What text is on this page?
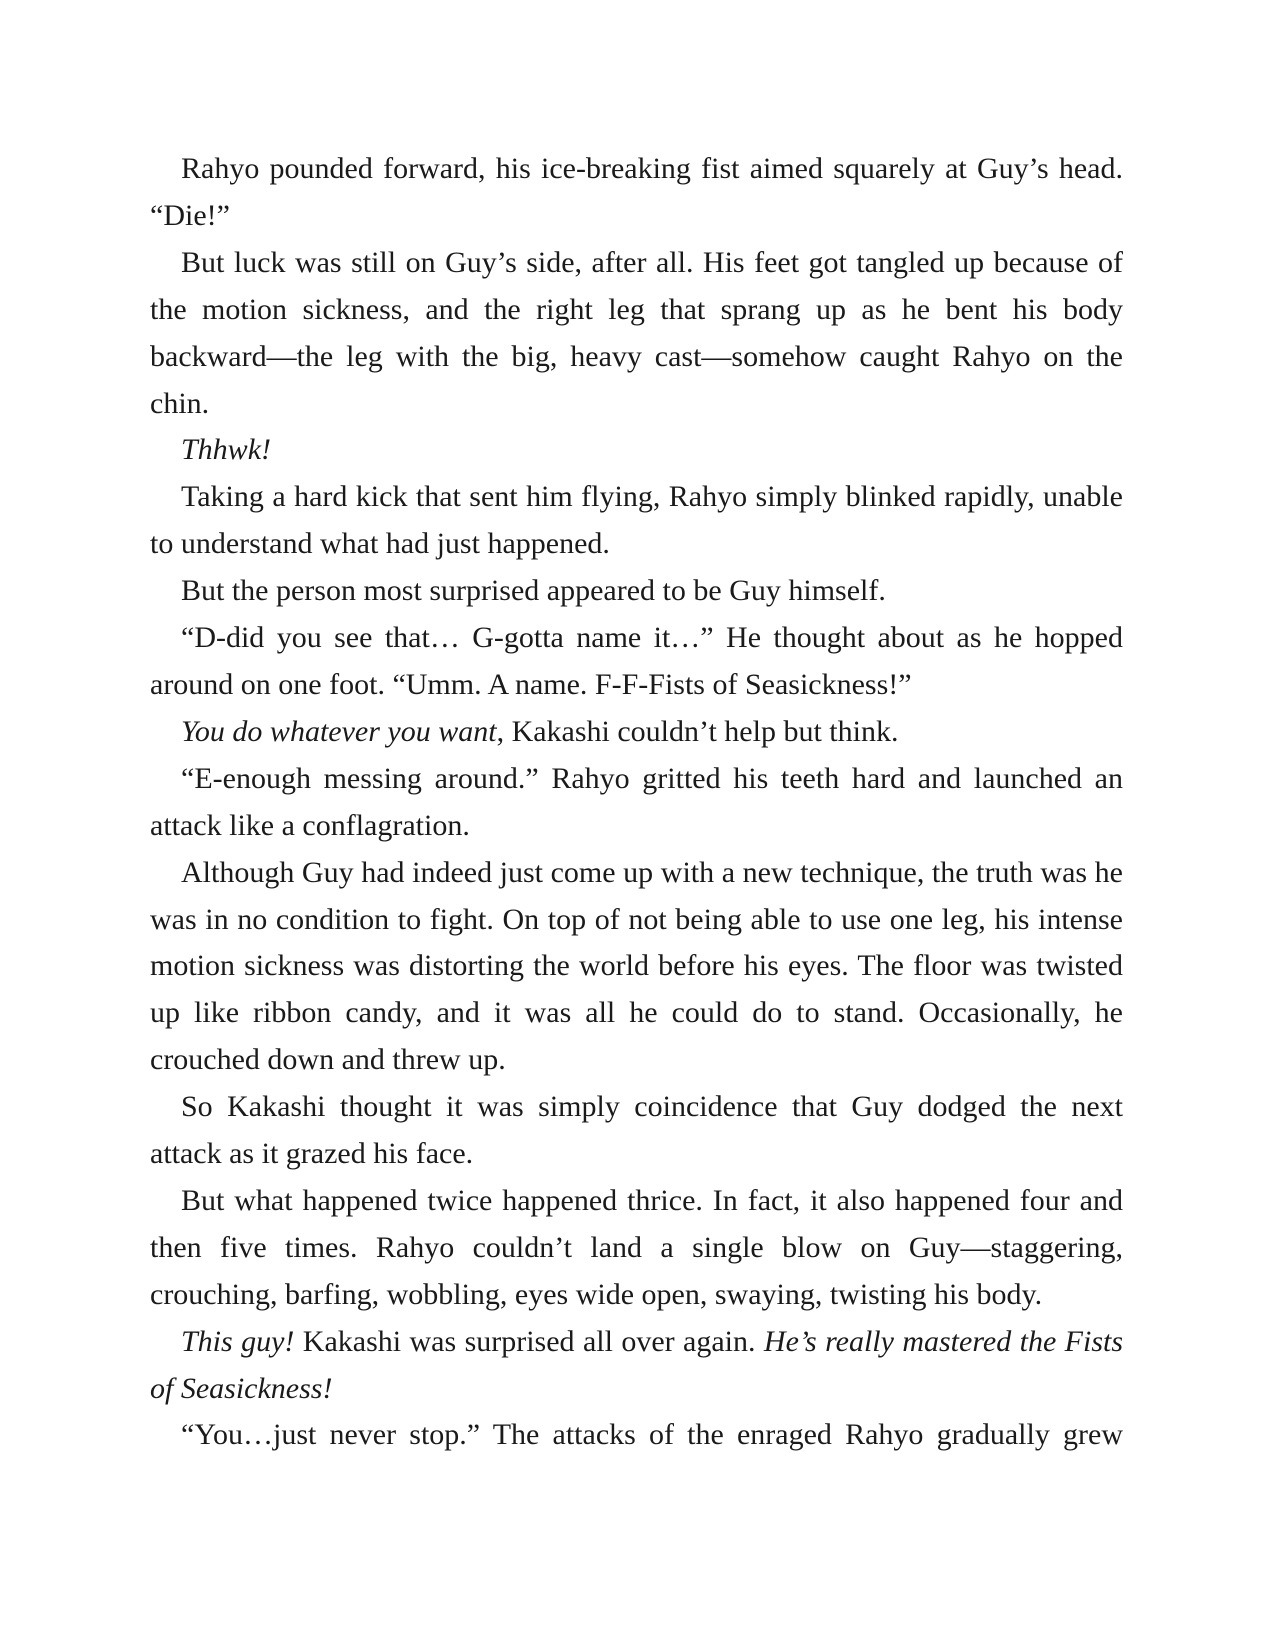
Rahyo pounded forward, his ice-breaking fist aimed squarely at Guy’s head. “Die!”

But luck was still on Guy’s side, after all. His feet got tangled up because of the motion sickness, and the right leg that sprang up as he bent his body backward—the leg with the big, heavy cast—somehow caught Rahyo on the chin.

Thhwk!

Taking a hard kick that sent him flying, Rahyo simply blinked rapidly, unable to understand what had just happened.

But the person most surprised appeared to be Guy himself.

“D-did you see that… G-gotta name it…” He thought about as he hopped around on one foot. “Umm. A name. F-F-Fists of Seasickness!”

You do whatever you want, Kakashi couldn’t help but think.

“E-enough messing around.” Rahyo gritted his teeth hard and launched an attack like a conflagration.

Although Guy had indeed just come up with a new technique, the truth was he was in no condition to fight. On top of not being able to use one leg, his intense motion sickness was distorting the world before his eyes. The floor was twisted up like ribbon candy, and it was all he could do to stand. Occasionally, he crouched down and threw up.

So Kakashi thought it was simply coincidence that Guy dodged the next attack as it grazed his face.

But what happened twice happened thrice. In fact, it also happened four and then five times. Rahyo couldn’t land a single blow on Guy—staggering, crouching, barfing, wobbling, eyes wide open, swaying, twisting his body.

This guy! Kakashi was surprised all over again. He’s really mastered the Fists of Seasickness!

“You…just never stop.” The attacks of the enraged Rahyo gradually grew
